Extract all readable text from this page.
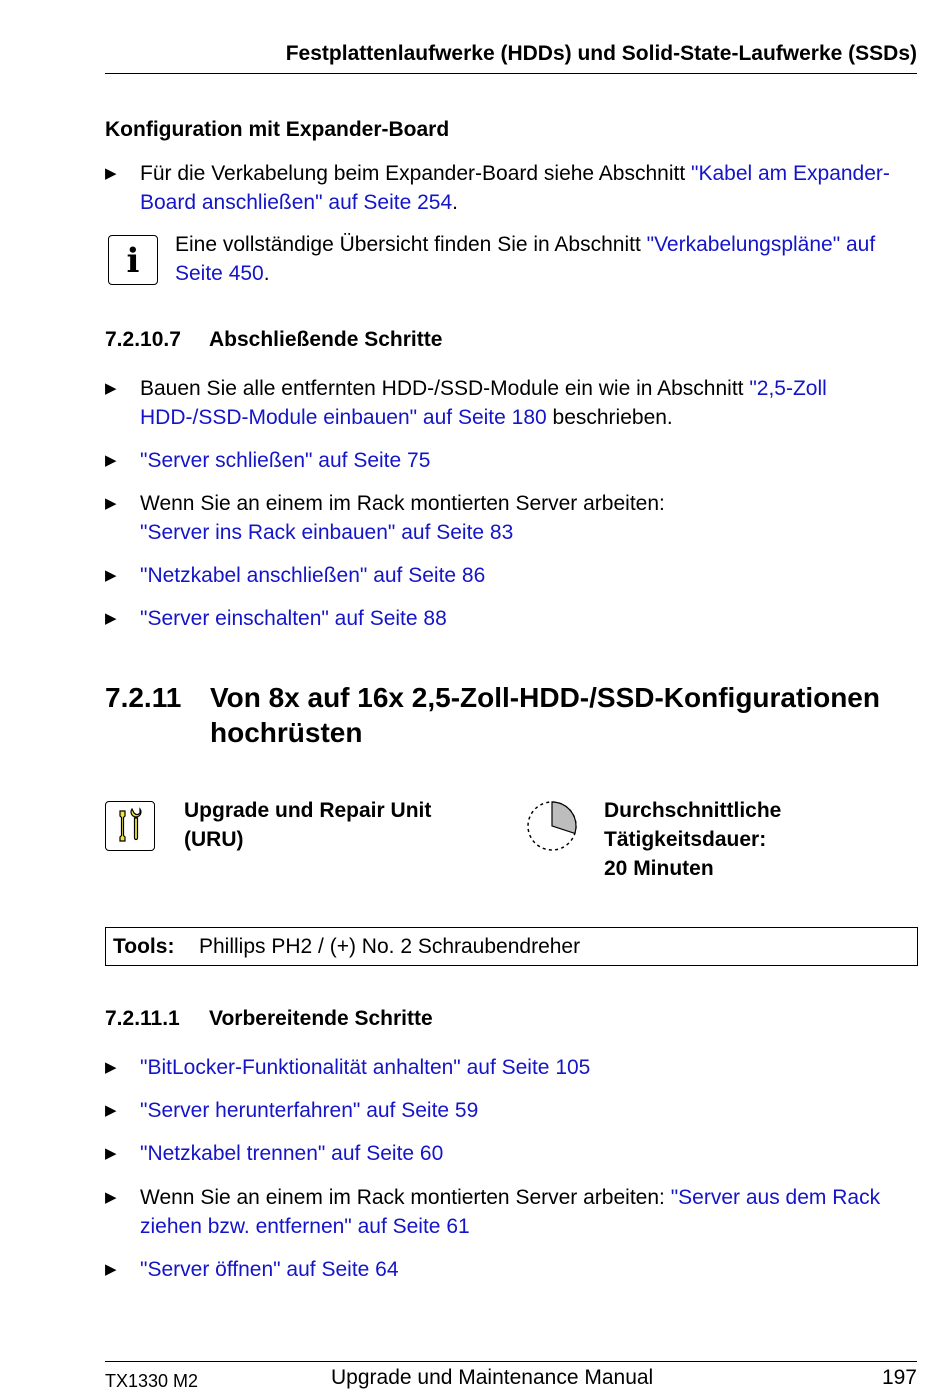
Festplattenlaufwerke (HDDs) und Solid-State-Laufwerke (SSDs)
Konfiguration mit Expander-Board
▶ Für die Verkabelung beim Expander-Board siehe Abschnitt "Kabel am Expander-Board anschließen" auf Seite 254.
i	Eine vollständige Übersicht finden Sie in Abschnitt "Verkabelungspläne" auf Seite 450.
7.2.10.7 Abschließende Schritte
▶ Bauen Sie alle entfernten HDD-/SSD-Module ein wie in Abschnitt "2,5-Zoll HDD-/SSD-Module einbauen" auf Seite 180 beschrieben.
▶ "Server schließen" auf Seite 75
▶ Wenn Sie an einem im Rack montierten Server arbeiten:
"Server ins Rack einbauen" auf Seite 83
▶ "Netzkabel anschließen" auf Seite 86
▶ "Server einschalten" auf Seite 88
7.2.11 Von 8x auf 16x 2,5-Zoll-HDD-/SSD-Konfigurationen hochrüsten
Upgrade und Repair Unit
(URU)
Durchschnittliche
Tätigkeitsdauer:
20 Minuten
Tools: Phillips PH2 / (+) No. 2 Schraubendreher
7.2.11.1 Vorbereitende Schritte
▶ "BitLocker-Funktionalität anhalten" auf Seite 105
▶ "Server herunterfahren" auf Seite 59
▶ "Netzkabel trennen" auf Seite 60
▶ Wenn Sie an einem im Rack montierten Server arbeiten: "Server aus dem Rack ziehen bzw. entfernen" auf Seite 61
▶ "Server öffnen" auf Seite 64
TX1330 M2	Upgrade und Maintenance Manual	197
